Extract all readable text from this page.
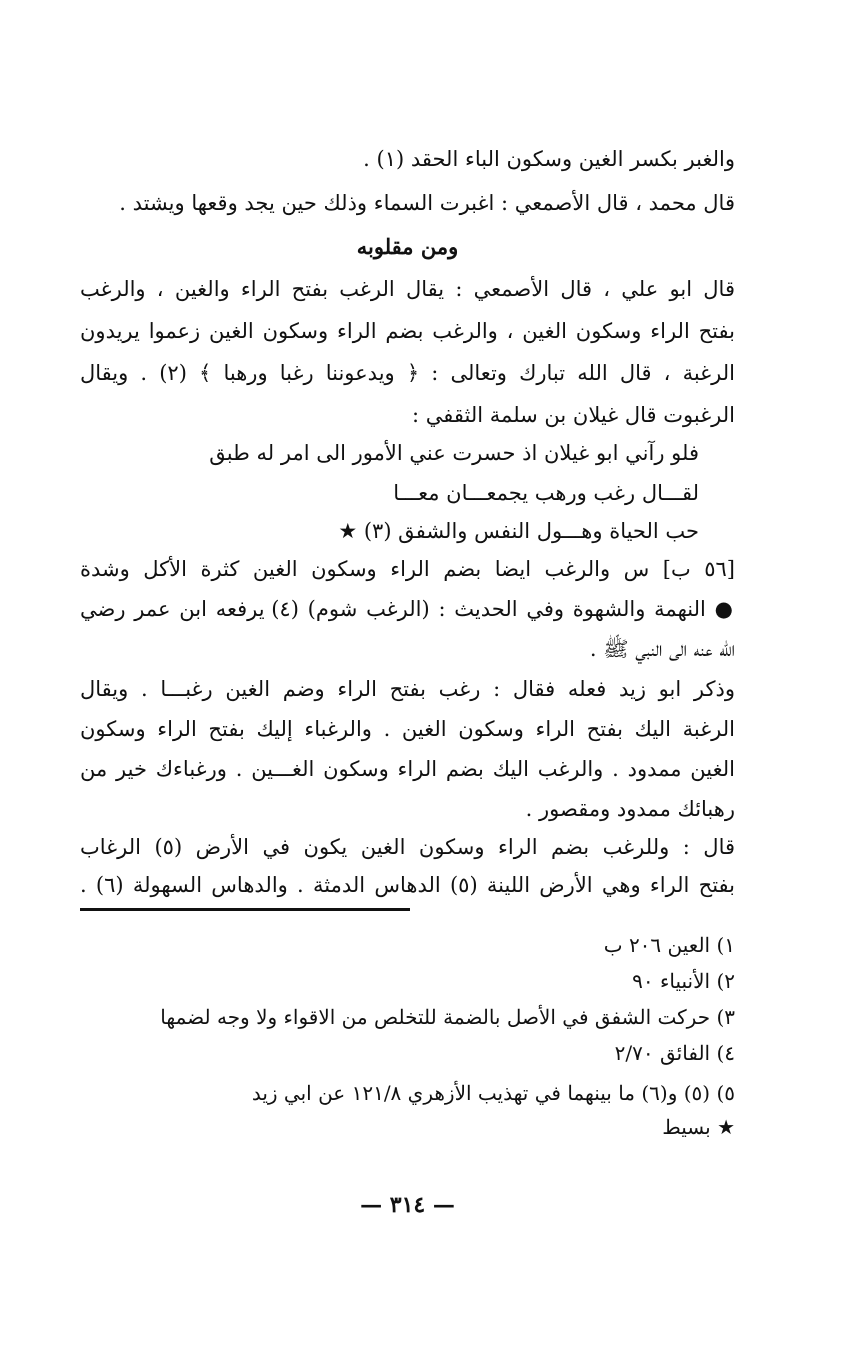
والغبر بكسر الغين وسكون الباء الحقد (١) .
قال محمد ، قال الأصمعي : اغبرت السماء وذلك حين يجد وقعها ويشتد .
ومن مقلوبه
قال ابو علي ، قال الأصمعي : يقال الرغب بفتح الراء والغين ، والرغب
بفتح الراء وسكون الغين ، والرغب بضم الراء وسكون الغين زعموا يريدون
الرغبة ، قال الله تبارك وتعالى : ﴿ ويدعوننا رغبا ورهبا ﴾ (٢) . ويقال
الرغبوت قال غيلان بن سلمة الثقفي :
فلو رآني ابو غيلان اذ حسرت عني الأمور الى امر له طبق
لقـــال رغب ورهب يجمعـــان معـــا
حب الحياة وهـــول النفس والشفق (٣) ★
[٥٦ ب] س والرغب ايضا بضم الراء وسكون الغين كثرة الأكل وشدة
● النهمة والشهوة وفي الحديث : (الرغب شوم) (٤) يرفعه ابن عمر رضي
الله عنه الى النبي ﷺ .
وذكر ابو زيد فعله فقال : رغب بفتح الراء وضم الغين رغبـــا . ويقال
الرغبة اليك بفتح الراء وسكون الغين . والرغباء إليك بفتح الراء وسكون
الغين ممدود . والرغب اليك بضم الراء وسكون الغـــين . ورغباءك خير من
رهبائك ممدود ومقصور .
قال : وللرغب بضم الراء وسكون الغين يكون في الأرض (٥) الرغاب
بفتح الراء وهي الأرض اللينة (٥) الدهاس الدمثة . والدهاس السهولة (٦) .
١) العين ٢٠٦ ب
٢) الأنبياء ٩٠
٣) حركت الشفق في الأصل بالضمة للتخلص من الاقواء ولا وجه لضمها
٤) الفائق ٢/٧٠
٥) (٥) و(٦) ما بينهما في تهذيب الأزهري ١٢١/٨ عن ابي زيد
★ بسيط
— ٣١٤ —
